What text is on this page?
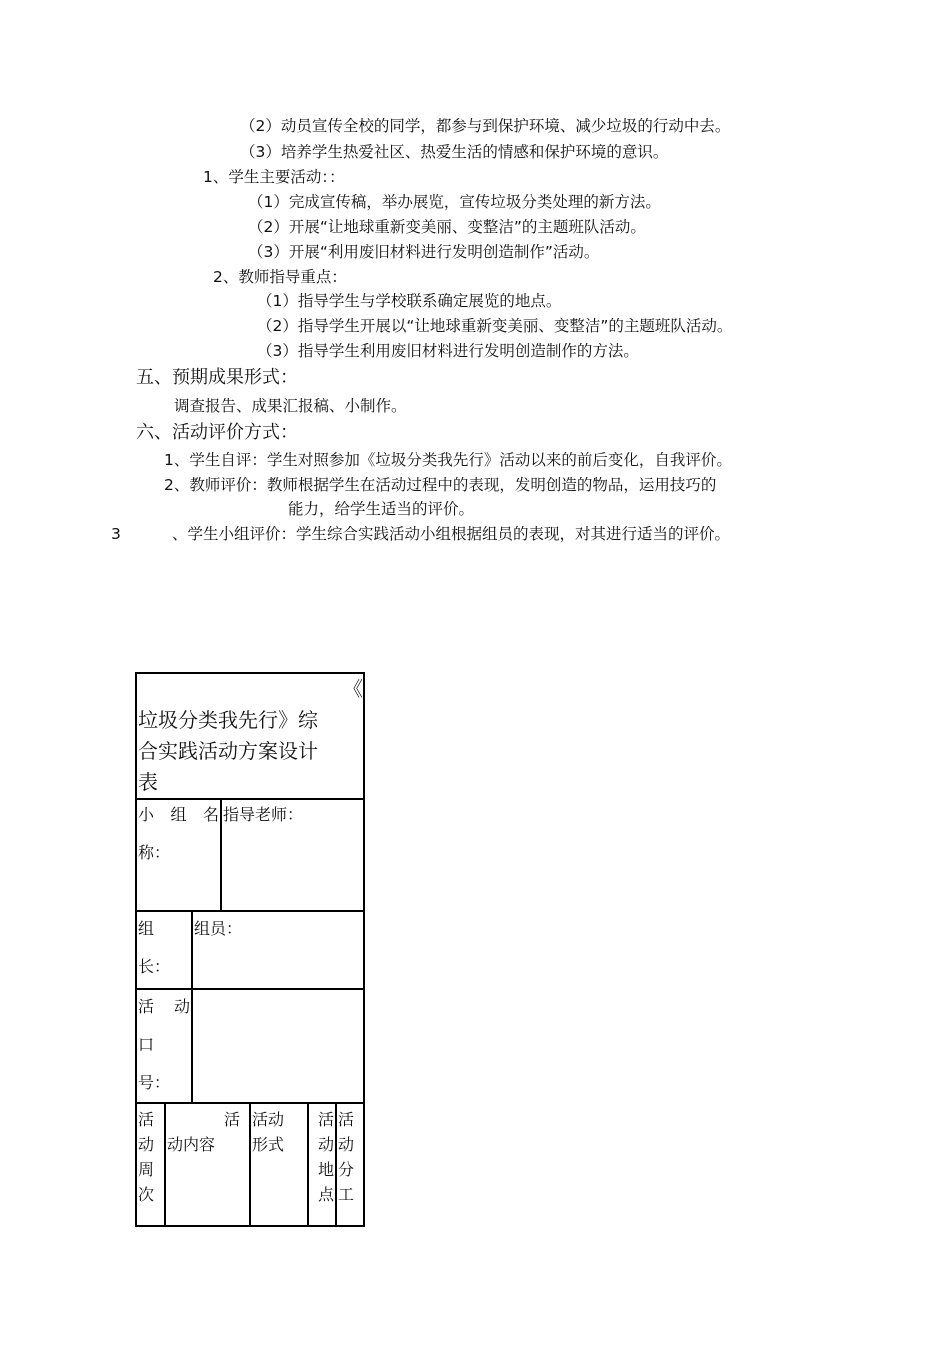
（2）动员宣传全校的同学，都参与到保护环境、减少垃圾的行动中去。
（3）培养学生热爱社区、热爱生活的情感和保护环境的意识。
1、学生主要活动：：
（1）完成宣传稿，举办展览，宣传垃圾分类处理的新方法。
（2）开展“让地球重新变美丽、变整洁”的主题班队活动。
（3）开展“利用废旧材料进行发明创造制作”活动。
2、教师指导重点：
（1）指导学生与学校联系确定展览的地点。
（2）指导学生开展以“让地球重新变美丽、变整洁”的主题班队活动。
（3）指导学生利用废旧材料进行发明创造制作的方法。
五、预期成果形式：
调查报告、成果汇报稿、小制作。
六、活动评价方式：
1、学生自评：学生对照参加《垃圾分类我先行》活动以来的前后变化，自我评价。
2、教师评价：教师根据学生在活动过程中的表现，发明创造的物品，运用技巧的
能力，给学生适当的评价。
3	、学生小组评价：学生综合实践活动小组根据组员的表现，对其进行适当的评价。
《
垃圾分类我先行》综
合实践活动方案设计
表
小 组 名
称：
指导老师：
组
长：
组员：
活 动
口
号：
活动周次
活
动内容
活动形式
活动地点
活动分工
